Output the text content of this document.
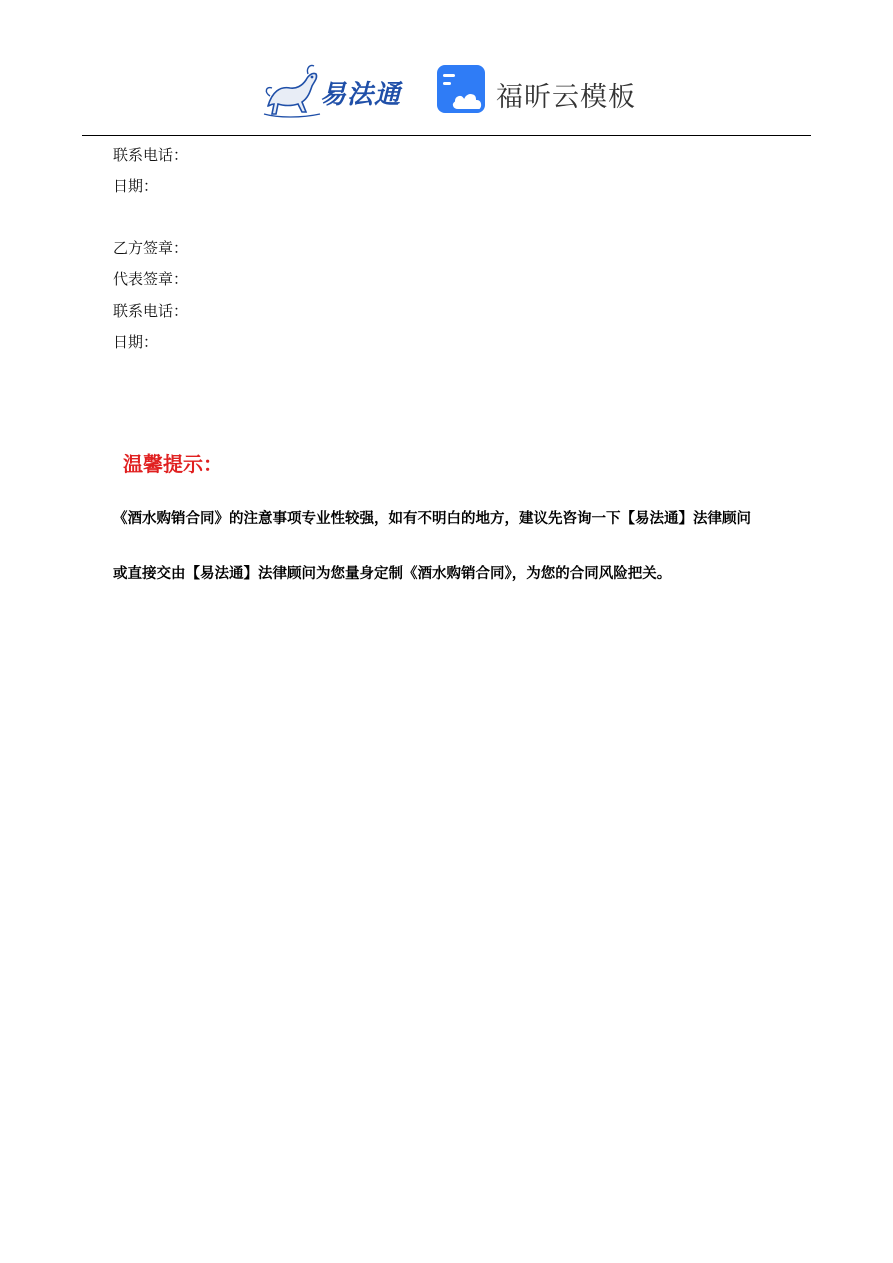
易法通	福昕云模板
联系电话：
日期：
乙方签章：
代表签章：
联系电话：
日期：
温馨提示：
《酒水购销合同》的注意事项专业性较强，如有不明白的地方，建议先咨询一下【易法通】法律顾问
或直接交由【易法通】法律顾问为您量身定制《酒水购销合同》，为您的合同风险把关。
